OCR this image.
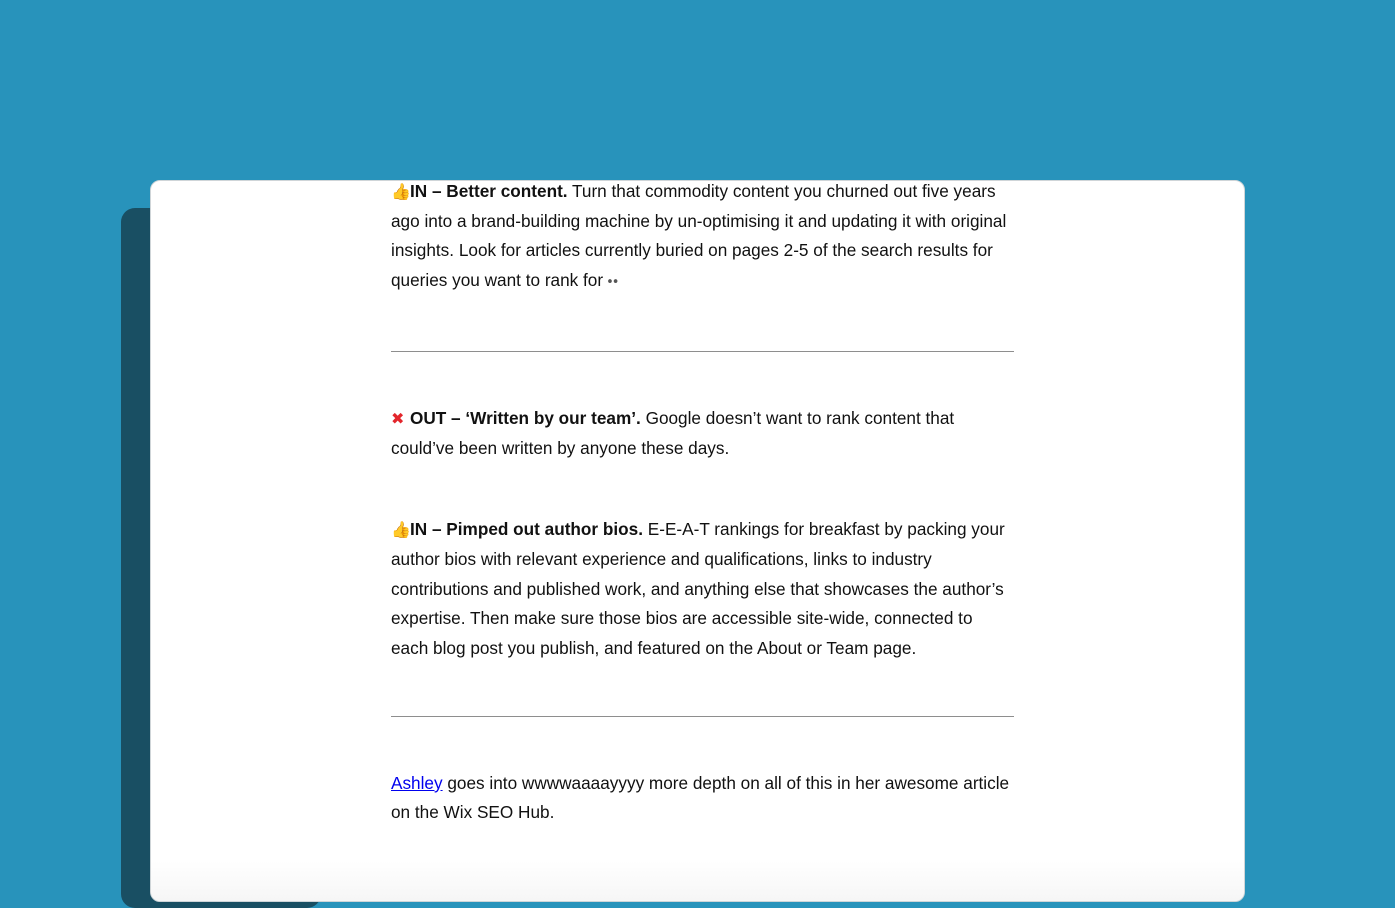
👍IN – Better content. Turn that commodity content you churned out five years ago into a brand-building machine by un-optimising it and updating it with original insights. Look for articles currently buried on pages 2-5 of the search results for queries you want to rank for ••

✖ OUT – ‘Written by our team’. Google doesn’t want to rank content that could’ve been written by anyone these days.

👍IN – Pimped out author bios. E-E-A-T rankings for breakfast by packing your author bios with relevant experience and qualifications, links to industry contributions and published work, and anything else that showcases the author’s expertise. Then make sure those bios are accessible site-wide, connected to each blog post you publish, and featured on the About or Team page.

Ashley goes into wwwwaaaayyyy more depth on all of this in her awesome article on the Wix SEO Hub.
